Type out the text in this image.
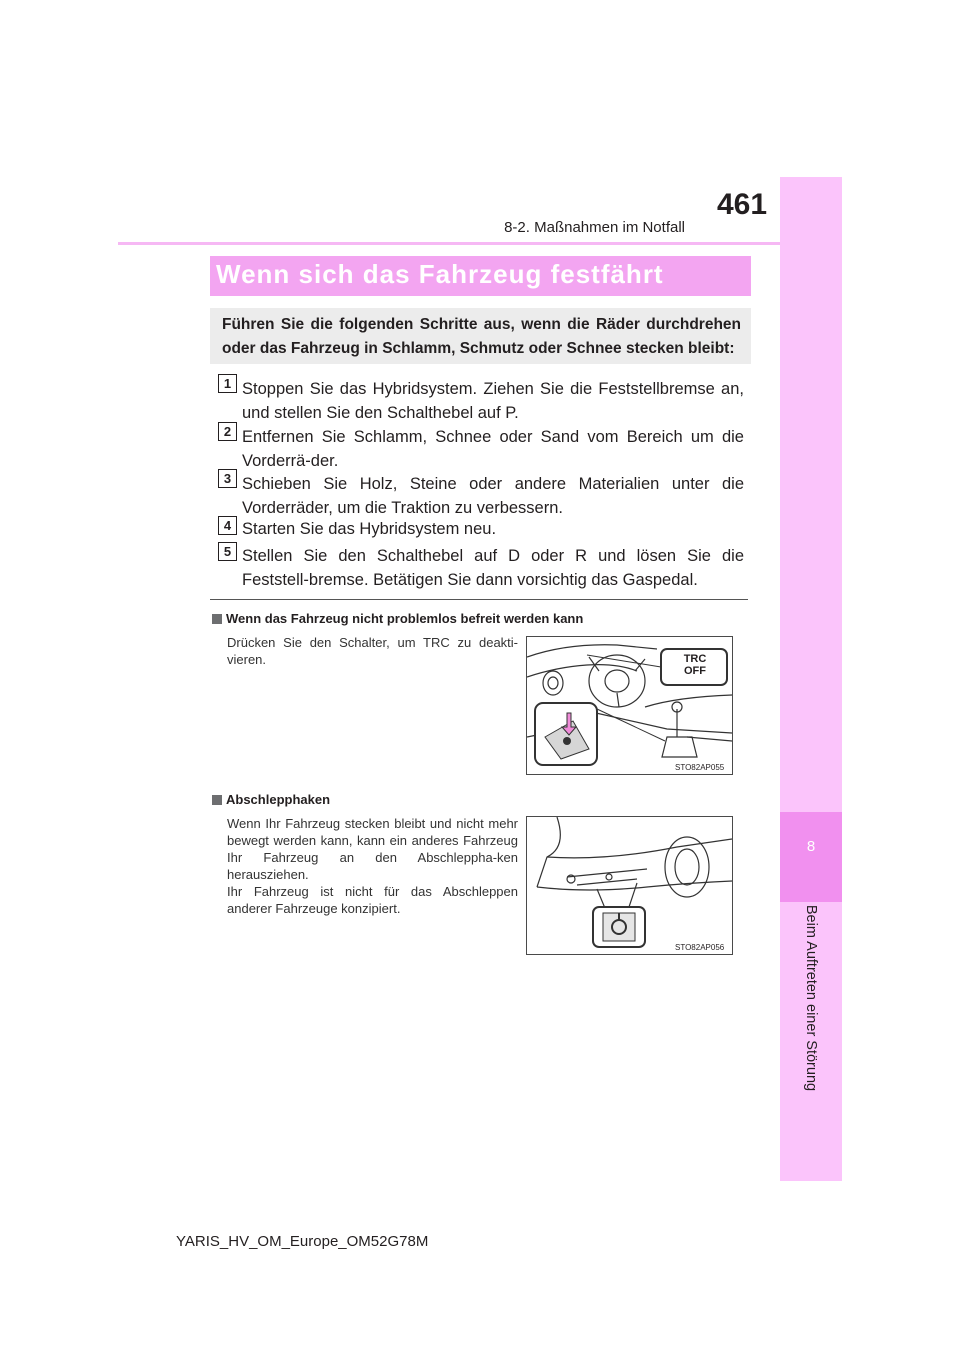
461
8-2. Maßnahmen im Notfall
8
Beim Auftreten einer Störung
Wenn sich das Fahrzeug festfährt
Führen Sie die folgenden Schritte aus, wenn die Räder durchdrehen oder das Fahrzeug in Schlamm, Schmutz oder Schnee stecken bleibt:
1 Stoppen Sie das Hybridsystem. Ziehen Sie die Feststellbremse an, und stellen Sie den Schalthebel auf P.
2 Entfernen Sie Schlamm, Schnee oder Sand vom Bereich um die Vorderrä-der.
3 Schieben Sie Holz, Steine oder andere Materialien unter die Vorderräder, um die Traktion zu verbessern.
4 Starten Sie das Hybridsystem neu.
5 Stellen Sie den Schalthebel auf D oder R und lösen Sie die Feststell-bremse. Betätigen Sie dann vorsichtig das Gaspedal.
Wenn das Fahrzeug nicht problemlos befreit werden kann
Drücken Sie den Schalter, um TRC zu deakti-vieren.	TRC
OFF
STO82AP055
Abschlepphaken
Wenn Ihr Fahrzeug stecken bleibt und nicht mehr bewegt werden kann, kann ein anderes Fahrzeug Ihr Fahrzeug an den Abschleppha-ken herausziehen.
Ihr Fahrzeug ist nicht für das Abschleppen anderer Fahrzeuge konzipiert.
STO82AP056
YARIS_HV_OM_Europe_OM52G78M
